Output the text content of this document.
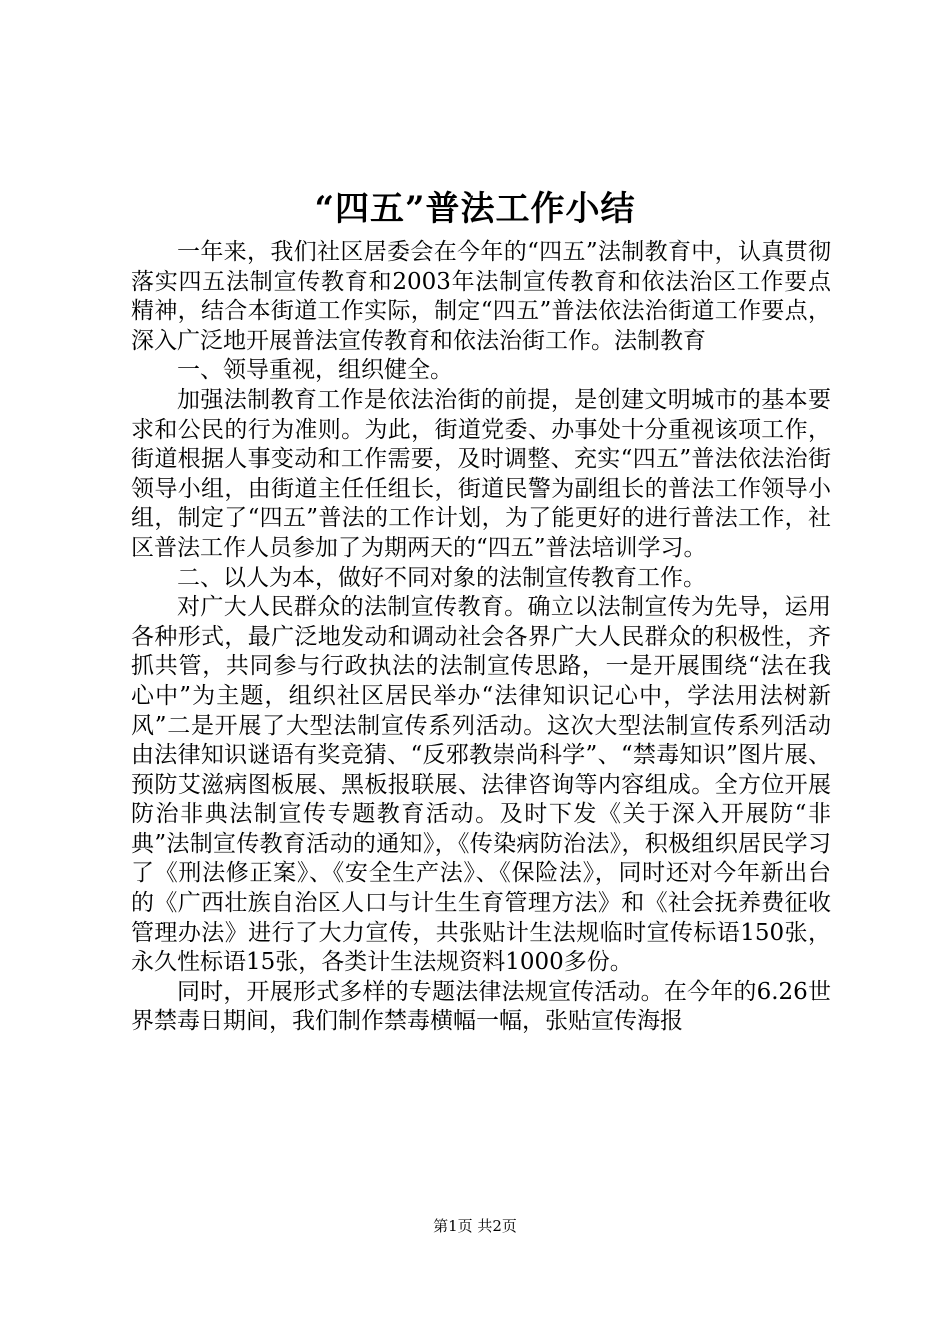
“四五”普法工作小结

一年来，我们社区居委会在今年的“四五”法制教育中，认真贯彻落实四五法制宣传教育和2003年法制宣传教育和依法治区工作要点精神，结合本街道工作实际，制定“四五”普法依法治街道工作要点，深入广泛地开展普法宣传教育和依法治街工作。法制教育

一、领导重视，组织健全。

加强法制教育工作是依法治街的前提，是创建文明城市的基本要求和公民的行为准则。为此，街道党委、办事处十分重视该项工作，街道根据人事变动和工作需要，及时调整、充实“四五”普法依法治街领导小组，由街道主任任组长，街道民警为副组长的普法工作领导小组，制定了“四五”普法的工作计划，为了能更好的进行普法工作，社区普法工作人员参加了为期两天的“四五”普法培训学习。

二、以人为本，做好不同对象的法制宣传教育工作。

对广大人民群众的法制宣传教育。确立以法制宣传为先导，运用各种形式，最广泛地发动和调动社会各界广大人民群众的积极性，齐抓共管，共同参与行政执法的法制宣传思路，一是开展围绕“法在我心中”为主题，组织社区居民举办“法律知识记心中，学法用法树新风”二是开展了大型法制宣传系列活动。这次大型法制宣传系列活动由法律知识谜语有奖竞猜、“反邪教崇尚科学”、“禁毒知识”图片展、预防艾滋病图板展、黑板报联展、法律咨询等内容组成。全方位开展防治非典法制宣传专题教育活动。及时下发《关于深入开展防“非典”法制宣传教育活动的通知》，《传染病防治法》，积极组织居民学习了《刑法修正案》、《安全生产法》、《保险法》，同时还对今年新出台的《广西壮族自治区人口与计生生育管理方法》和《社会抚养费征收管理办法》进行了大力宣传，共张贴计生法规临时宣传标语150张，永久性标语15张，各类计生法规资料1000多份。

同时，开展形式多样的专题法律法规宣传活动。在今年的6.26世界禁毒日期间，我们制作禁毒横幅一幅，张贴宣传海报

第1页 共2页
